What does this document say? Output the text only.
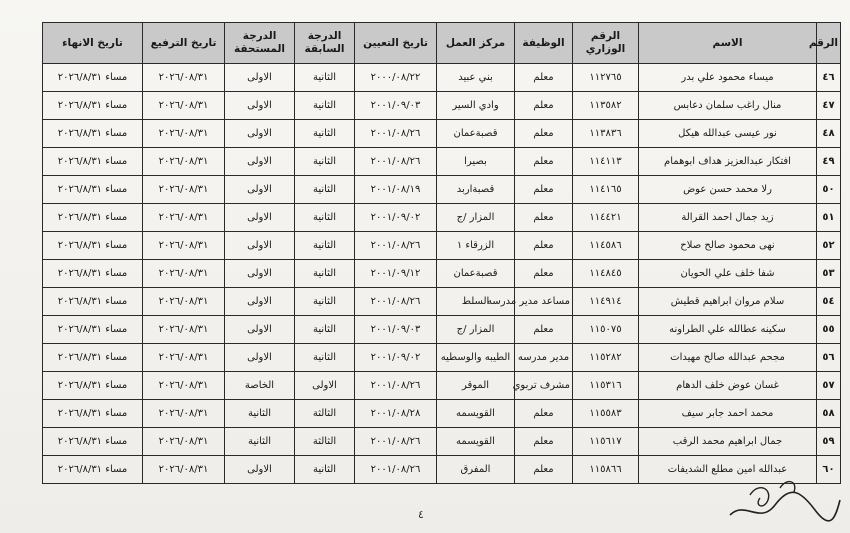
الرقم	الاسم	الرقم الوزاري	الوظيفة	مركز العمل	تاريخ التعيين	الدرجة السابقة	الدرجة المستحقة	تاريخ الترفيع	تاريخ الانهاء
٤٦	ميساء محمود علي بدر	١١٢٧٦٥	معلم	بني عبيد	٢٠٠٠/٠٨/٢٢	الثانية	الاولى	٢٠٢٦/٠٨/٣١	مساء ٢٠٢٦/٨/٣١
٤٧	منال راغب سلمان دعابس	١١٣٥٨٢	معلم	وادي السير	٢٠٠١/٠٩/٠٣	الثانية	الاولى	٢٠٢٦/٠٨/٣١	مساء ٢٠٢٦/٨/٣١
٤٨	نور عيسى عبدالله هيكل	١١٣٨٣٦	معلم	قصبةعمان	٢٠٠١/٠٨/٢٦	الثانية	الاولى	٢٠٢٦/٠٨/٣١	مساء ٢٠٢٦/٨/٣١
٤٩	افتكار عبدالعزيز هداف ابوهمام	١١٤١١٣	معلم	بصيرا	٢٠٠١/٠٨/٢٦	الثانية	الاولى	٢٠٢٦/٠٨/٣١	مساء ٢٠٢٦/٨/٣١
٥٠	رلا محمد حسن عوض	١١٤١٦٥	معلم	قصبةاربد	٢٠٠١/٠٨/١٩	الثانية	الاولى	٢٠٢٦/٠٨/٣١	مساء ٢٠٢٦/٨/٣١
٥١	زيد جمال احمد القرالة	١١٤٤٢١	معلم	المزار /ج	٢٠٠١/٠٩/٠٢	الثانية	الاولى	٢٠٢٦/٠٨/٣١	مساء ٢٠٢٦/٨/٣١
٥٢	نهى محمود صالح صلاح	١١٤٥٨٦	معلم	الزرقاء ١	٢٠٠١/٠٨/٢٦	الثانية	الاولى	٢٠٢٦/٠٨/٣١	مساء ٢٠٢٦/٨/٣١
٥٣	شفا خلف علي الحويان	١١٤٨٤٥	معلم	قصبةعمان	٢٠٠١/٠٩/١٢	الثانية	الاولى	٢٠٢٦/٠٨/٣١	مساء ٢٠٢٦/٨/٣١
٥٤	سلام مروان ابراهيم قطيش	١١٤٩١٤	مساعد مدير مدرسه	السلط	٢٠٠١/٠٨/٢٦	الثانية	الاولى	٢٠٢٦/٠٨/٣١	مساء ٢٠٢٦/٨/٣١
٥٥	سكينه عطالله علي الطراونه	١١٥٠٧٥	معلم	المزار /ج	٢٠٠١/٠٩/٠٣	الثانية	الاولى	٢٠٢٦/٠٨/٣١	مساء ٢٠٢٦/٨/٣١
٥٦	مجحم عبدالله صالح مهيدات	١١٥٢٨٢	مدير مدرسه	الطيبه والوسطيه	٢٠٠١/٠٩/٠٢	الثانية	الاولى	٢٠٢٦/٠٨/٣١	مساء ٢٠٢٦/٨/٣١
٥٧	غسان عوض خلف الدهام	١١٥٣١٦	مشرف تربوي	الموقر	٢٠٠١/٠٨/٢٦	الاولى	الخاصة	٢٠٢٦/٠٨/٣١	مساء ٢٠٢٦/٨/٣١
٥٨	محمد احمد جابر سيف	١١٥٥٨٣	معلم	القويسمه	٢٠٠١/٠٨/٢٨	الثالثة	الثانية	٢٠٢٦/٠٨/٣١	مساء ٢٠٢٦/٨/٣١
٥٩	جمال ابراهيم محمد الرقب	١١٥٦١٧	معلم	القويسمه	٢٠٠١/٠٨/٢٦	الثالثة	الثانية	٢٠٢٦/٠٨/٣١	مساء ٢٠٢٦/٨/٣١
٦٠	عبدالله امين مطلع الشديفات	١١٥٨٦٦	معلم	المفرق	٢٠٠١/٠٨/٢٦	الثانية	الاولى	٢٠٢٦/٠٨/٣١	مساء ٢٠٢٦/٨/٣١
٤
